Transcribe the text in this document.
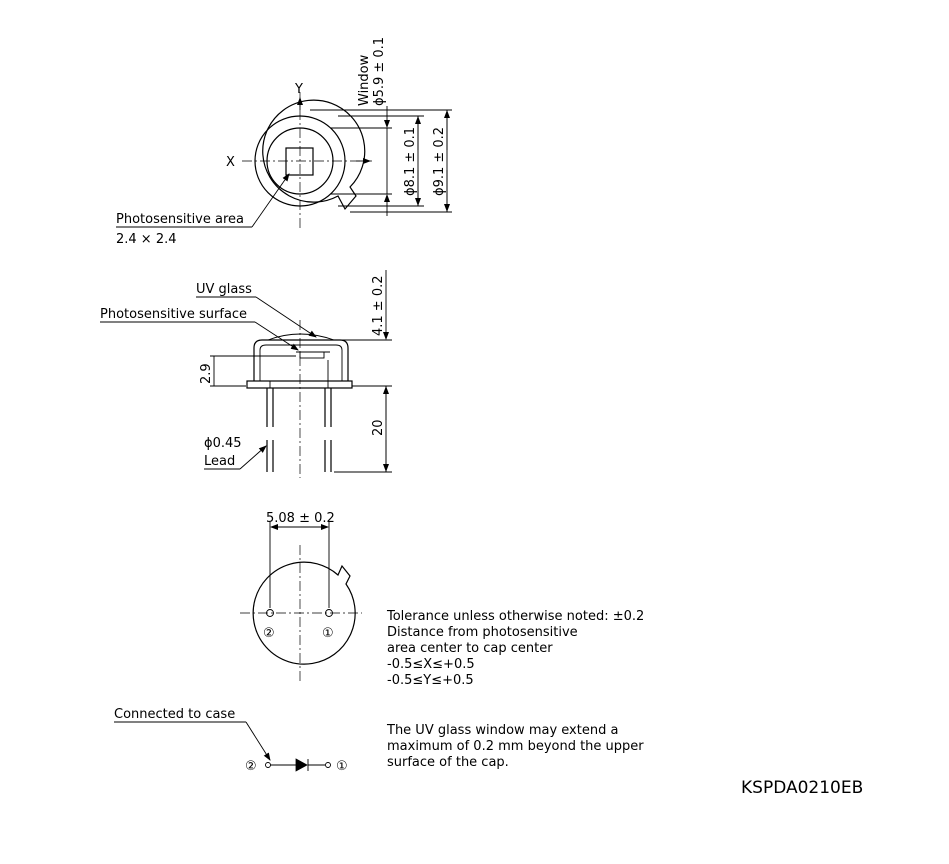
Y
X
Window ϕ5.9 ± 0.1
ϕ8.1 ± 0.1 ϕ9.1 ± 0.2
Photosensitive area
2.4 × 2.4
4.1 ± 0.2
20
2.9
UV glass
Photosensitive surface
ϕ0.45
Lead
5.08 ± 0.2
②	①
Connected to case
②	①
Tolerance unless otherwise noted: ±0.2
Distance from photosensitive
area center to cap center
-0.5≤X≤+0.5
-0.5≤Y≤+0.5
The UV glass window may extend a
maximum of 0.2 mm beyond the upper
surface of the cap.
KSPDA0210EB
